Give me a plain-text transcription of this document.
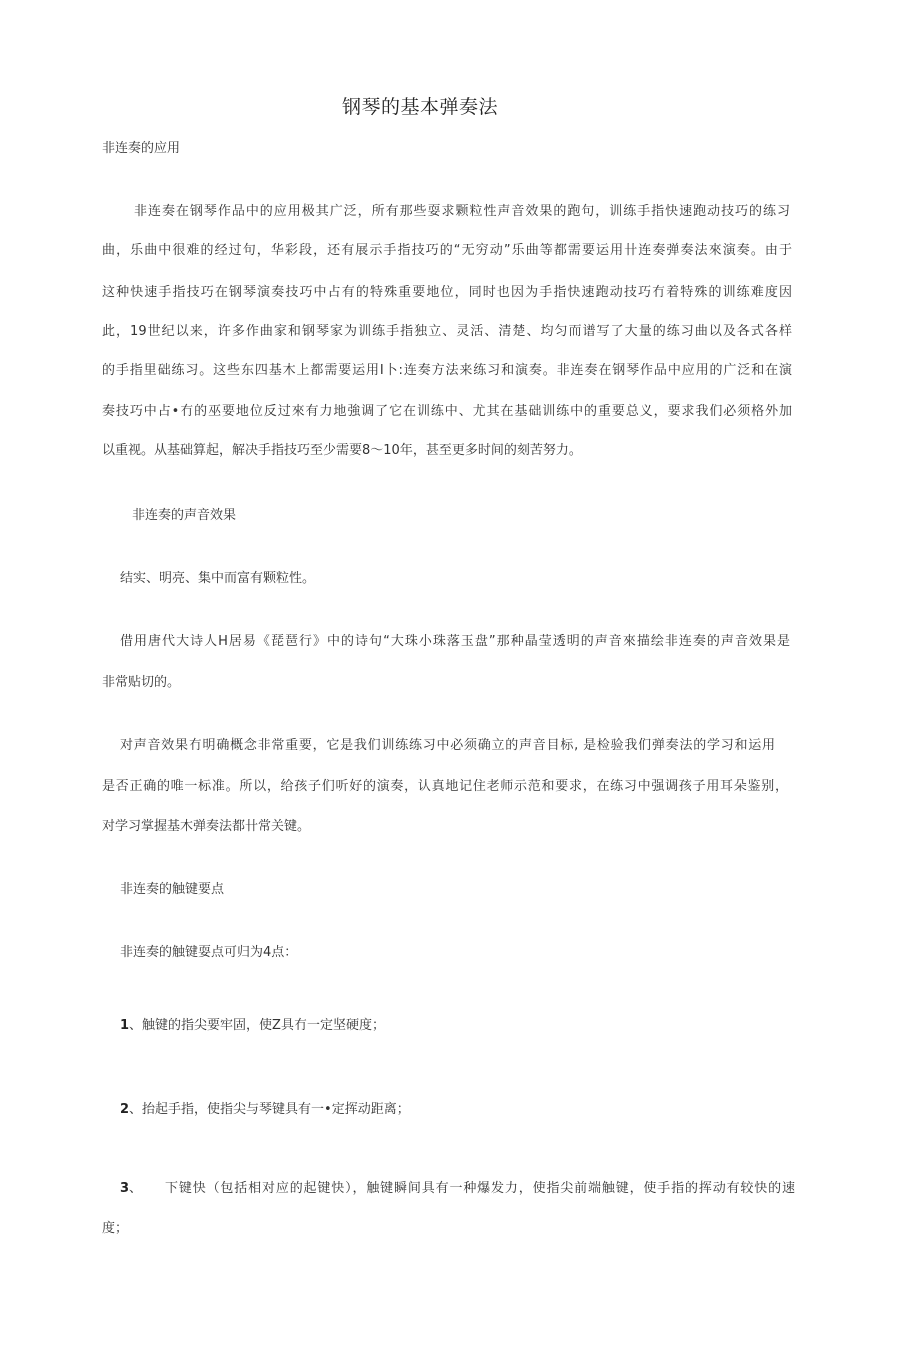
钢琴的基本弹奏法
非连奏的应用
非连奏在钢琴作品中的应用极其广泛，所有那些耍求颗粒性声音效果的跑句，训练手指快速跑动技巧的练习
曲，乐曲中很难的经过句，华彩段，还有展示手指技巧的“无穷动”乐曲等都需要运用卄连奏弹奏法來演奏。由于
这种快速手指技巧在钢琴演奏技巧中占有的特殊重要地位，同时也因为手指快速跑动技巧冇着特殊的训练难度因
此，19世纪以来，许多作曲家和钢琴家为训练手指独立、灵活、清楚、均匀而谱写了大量的练习曲以及各式各样
的手指里础练习。这些东四基木上都需要运用I卜:连奏方法来练习和演奏。非连奏在钢琴作品中应用的广泛和在演
奏技巧中占•冇的巫要地位反过來有力地強调了它在训练中、尤其在基础训练中的重要总义，要求我们必须格外加
以重视。从基础算起，解决手指技巧至少需要8～10年，甚至更多时间的刻苦努力。
非连奏的声音效果
结实、明亮、集中而富有颗粒性。
借用唐代大诗人H居易《琵琶行》中的诗句“大珠小珠落玉盘”那种晶莹透明的声音來描绘非连奏的声音效果是
非常贴切的。
对声音效果冇明确概念非常重要，它是我们训练练习中必须确立的声音目标, 是检验我们弹奏法的学习和运用
是否正确的唯一标准。所以，给孩子们听好的演奏，认真地记住老师示范和要求，在练习中强调孩子用耳朵鉴别，
对学习掌握基木弹奏法都卄常关键。
非连奏的触键要点
非连奏的触键耍点可归为4点：
1、触键的指尖要牢固，使Z具冇一定坚硬度；
2、抬起手指，使指尖与琴键具有一•定挥动距离；
3、 下键快（包括相对应的起键快），触键瞬间具有一种爆发力，使指尖前端触键，使手指的挥动有较快的速
度；
